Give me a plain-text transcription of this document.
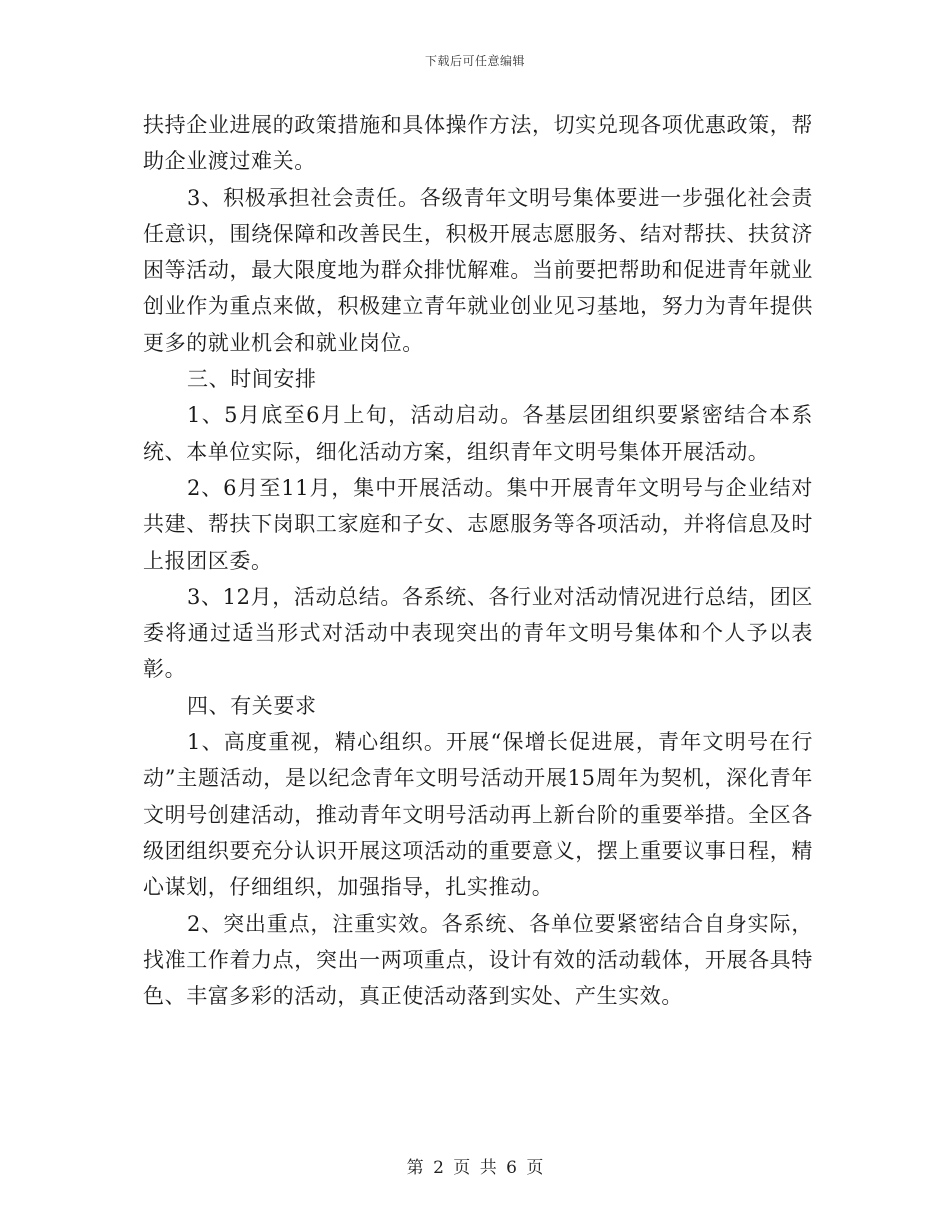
下载后可任意编辑

扶持企业进展的政策措施和具体操作方法，切实兑现各项优惠政策，帮助企业渡过难关。

3、积极承担社会责任。各级青年文明号集体要进一步强化社会责任意识，围绕保障和改善民生，积极开展志愿服务、结对帮扶、扶贫济困等活动，最大限度地为群众排忧解难。当前要把帮助和促进青年就业创业作为重点来做，积极建立青年就业创业见习基地，努力为青年提供更多的就业机会和就业岗位。

三、时间安排

1、5月底至6月上旬，活动启动。各基层团组织要紧密结合本系统、本单位实际，细化活动方案，组织青年文明号集体开展活动。

2、6月至11月，集中开展活动。集中开展青年文明号与企业结对共建、帮扶下岗职工家庭和子女、志愿服务等各项活动，并将信息及时上报团区委。

3、12月，活动总结。各系统、各行业对活动情况进行总结，团区委将通过适当形式对活动中表现突出的青年文明号集体和个人予以表彰。

四、有关要求

1、高度重视，精心组织。开展“保增长促进展，青年文明号在行动”主题活动，是以纪念青年文明号活动开展15周年为契机，深化青年文明号创建活动，推动青年文明号活动再上新台阶的重要举措。全区各级团组织要充分认识开展这项活动的重要意义，摆上重要议事日程，精心谋划，仔细组织，加强指导，扎实推动。

2、突出重点，注重实效。各系统、各单位要紧密结合自身实际，找准工作着力点，突出一两项重点，设计有效的活动载体，开展各具特色、丰富多彩的活动，真正使活动落到实处、产生实效。

第 2 页 共 6 页
